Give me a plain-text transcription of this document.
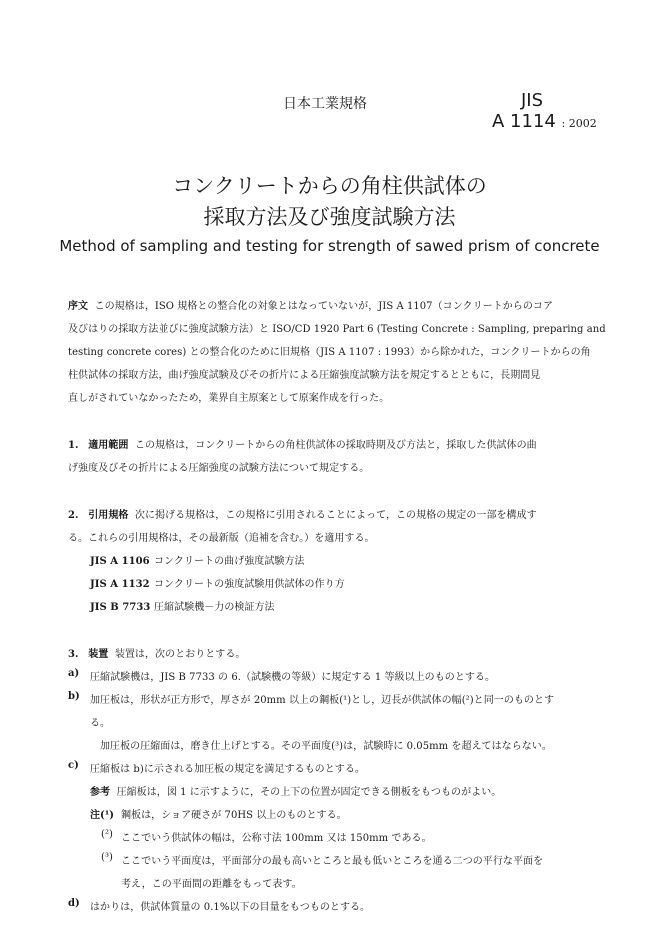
日本工業規格	JIS
A 1114 : 2002
コンクリートからの角柱供試体の
採取方法及び強度試験方法
Method of sampling and testing for strength of sawed prism of concrete
序文 この規格は，ISO 規格との整合化の対象とはなっていないが，JIS A 1107（コンクリートからのコア
及びはりの採取方法並びに強度試験方法）と ISO/CD 1920 Part 6 (Testing Concrete : Sampling, preparing and
testing concrete cores) との整合化のために旧規格（JIS A 1107 : 1993）から除かれた，コンクリートからの角
柱供試体の採取方法，曲げ強度試験及びその折片による圧縮強度試験方法を規定するとともに，長期間見
直しがされていなかったため，業界自主原案として原案作成を行った。
1. 適用範囲 この規格は，コンクリートからの角柱供試体の採取時期及び方法と，採取した供試体の曲
げ強度及びその折片による圧縮強度の試験方法について規定する。
2. 引用規格 次に掲げる規格は，この規格に引用されることによって，この規格の規定の一部を構成す
る。これらの引用規格は，その最新版（追補を含む。）を適用する。
JIS A 1106 コンクリートの曲げ強度試験方法
JIS A 1132 コンクリートの強度試験用供試体の作り方
JIS B 7733 圧縮試験機－力の検証方法
3. 装置 装置は，次のとおりとする。
a) 圧縮試験機は，JIS B 7733 の 6.（試験機の等級）に規定する 1 等級以上のものとする。
b) 加圧板は，形状が正方形で，厚さが 20mm 以上の鋼板(¹)とし，辺長が供試体の幅(²)と同一のものとす
る。
加圧板の圧縮面は，磨き仕上げとする。その平面度(³)は，試験時に 0.05mm を超えてはならない。
c) 圧縮板は b)に示される加圧板の規定を満足するものとする。
参考 圧縮板は，図 1 に示すように，その上下の位置が固定できる側板をもつものがよい。
注(¹) 鋼板は，ショア硬さが 70HS 以上のものとする。
(²) ここでいう供試体の幅は，公称寸法 100mm 又は 150mm である。
(³) ここでいう平面度は，平面部分の最も高いところと最も低いところを通る二つの平行な平面を
考え，この平面間の距離をもって表す。
d) はかりは，供試体質量の 0.1%以下の目量をもつものとする。
